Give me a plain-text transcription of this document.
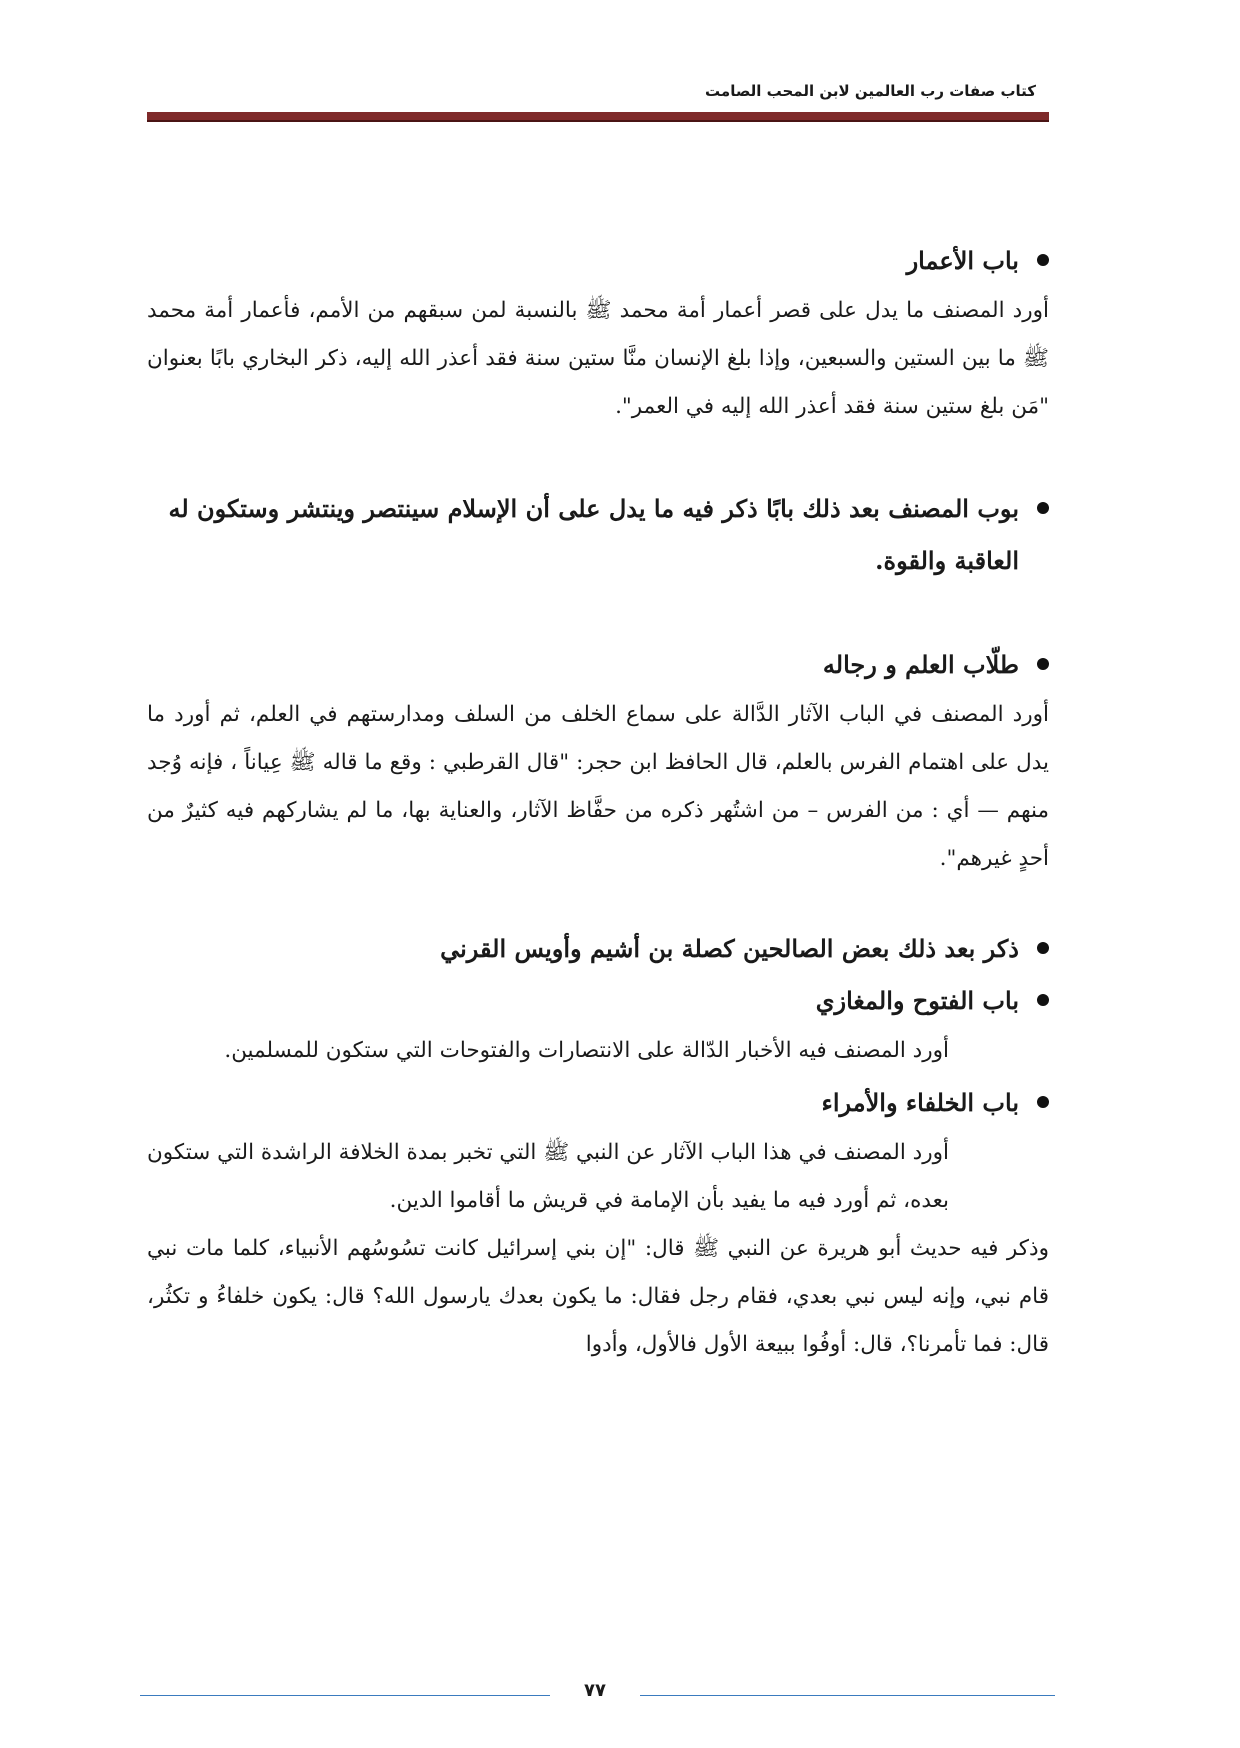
كتاب صفات رب العالمين لابن المحب الصامت
باب الأعمار
أورد المصنف ما يدل على قصر أعمار أمة محمد ﷺ بالنسبة لمن سبقهم من الأمم، فأعمار أمة محمد ﷺ ما بين الستين والسبعين، وإذا بلغ الإنسان منَّا ستين سنة فقد أعذر الله إليه، ذكر البخاري بابًا بعنوان "مَن بلغ ستين سنة فقد أعذر الله إليه في العمر".
بوب المصنف بعد ذلك بابًا ذكر فيه ما يدل على أن الإسلام سينتصر وينتشر وستكون له العاقبة والقوة.
طلّاب العلم و رجاله
أورد المصنف في الباب الآثار الدَّالة على سماع الخلف من السلف ومدارستهم في العلم، ثم أورد ما يدل على اهتمام الفرس بالعلم، قال الحافظ ابن حجر: "قال القرطبي : وقع ما قاله ﷺ عِياناً ، فإنه وُجد منهم — أي : من الفرس – من اشتُهر ذكره من حفَّاظ الآثار، والعناية بها، ما لم يشاركهم فيه كثيرٌ من أحدٍ غيرهم".
ذكر بعد ذلك بعض الصالحين كصلة بن أشيم وأويس القرني
باب الفتوح والمغازي
أورد المصنف فيه الأخبار الدّالة على الانتصارات والفتوحات التي ستكون للمسلمين.
باب الخلفاء والأمراء
أورد المصنف في هذا الباب الآثار عن النبي ﷺ التي تخبر بمدة الخلافة الراشدة التي ستكون بعده، ثم أورد فيه ما يفيد بأن الإمامة في قريش ما أقاموا الدين.
وذكر فيه حديث أبو هريرة عن النبي ﷺ قال: "إن بني إسرائيل كانت تسُوسُهم الأنبياء، كلما مات نبي قام نبي، وإنه ليس نبي بعدي، فقام رجل فقال: ما يكون بعدك يارسول الله؟ قال: يكون خلفاءُ و تكثُر، قال: فما تأمرنا؟، قال: أوفُوا ببيعة الأول فالأول، وأدوا
٧٧
